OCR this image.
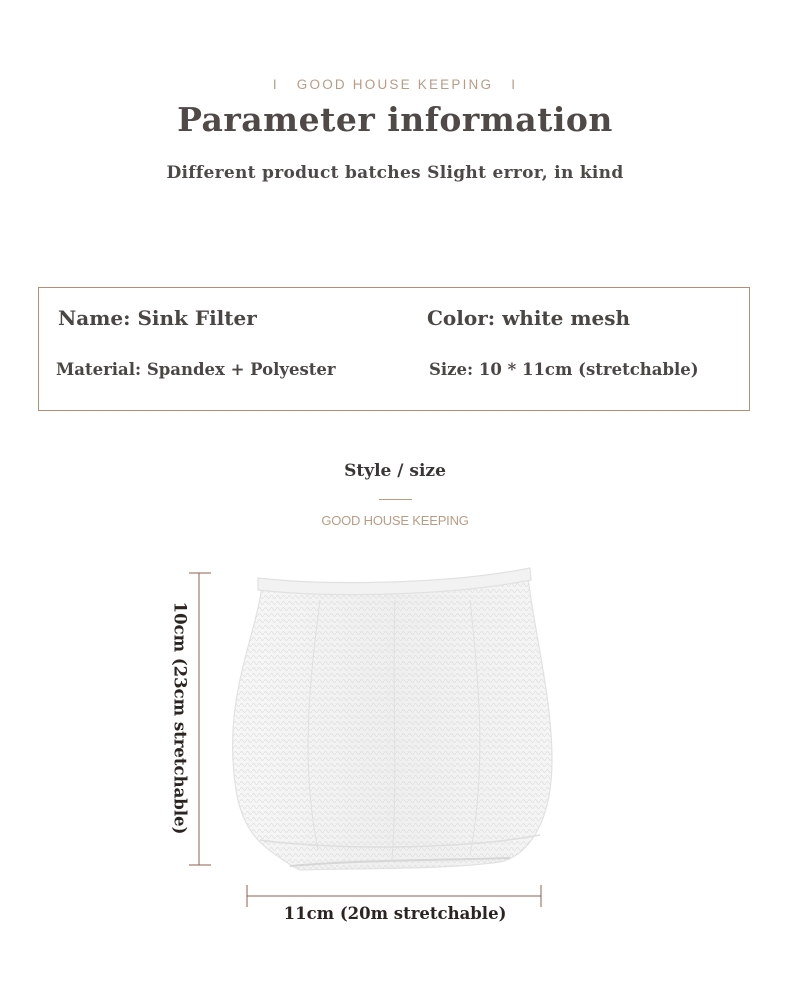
I GOOD HOUSE KEEPING I
Parameter information
Different product batches Slight error, in kind
Name: Sink Filter	Color: white mesh
Material: Spandex + Polyester	Size: 10 * 11cm (stretchable)
Style / size
GOOD HOUSE KEEPING
10cm (23cm stretchable)
11cm (20m stretchable)
